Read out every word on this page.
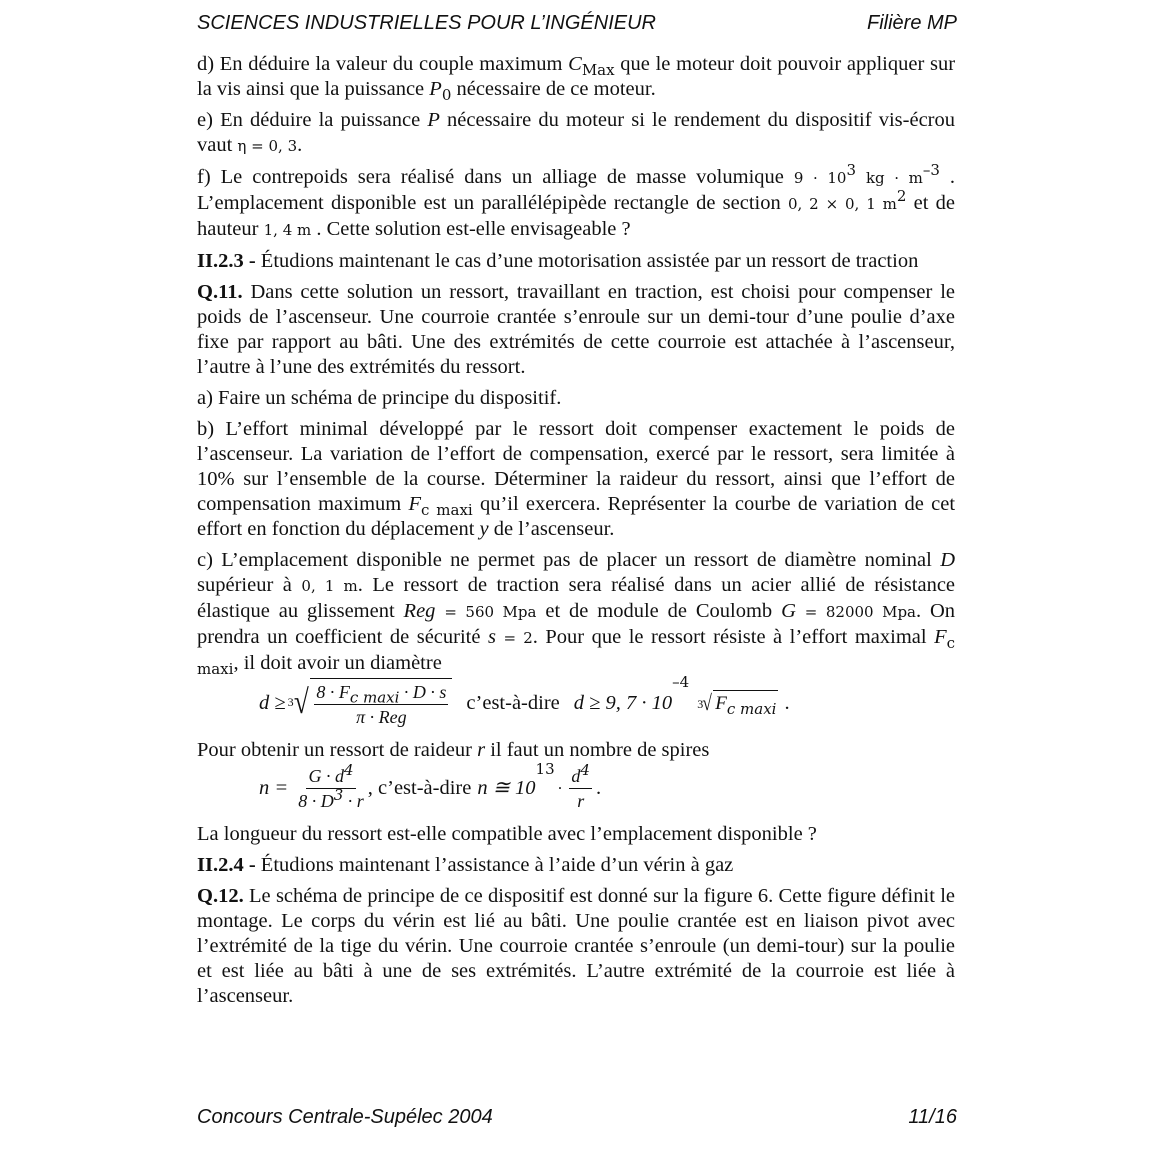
SCIENCES INDUSTRIELLES POUR L’INGÉNIEUR	Filière MP

d) En déduire la valeur du couple maximum $C_{Max}$ que le moteur doit pouvoir appliquer sur la vis ainsi que la puissance $P_0$ nécessaire de ce moteur.

e) En déduire la puissance P nécessaire du moteur si le rendement du dispositif vis-écrou vaut η = 0, 3.

f) Le contrepoids sera réalisé dans un alliage de masse volumique $9 \cdot 10^3$ kg · $m^{-3}$ . L’emplacement disponible est un parallélépipède rectangle de section 0, 2 × 0, 1 $m^2$ et de hauteur 1, 4 m . Cette solution est-elle envisageable ?

II.2.3 - Étudions maintenant le cas d’une motorisation assistée par un ressort de traction

Q.11. Dans cette solution un ressort, travaillant en traction, est choisi pour compenser le poids de l’ascenseur. Une courroie crantée s’enroule sur un demi-tour d’une poulie d’axe fixe par rapport au bâti. Une des extrémités de cette courroie est attachée à l’ascenseur, l’autre à l’une des extrémités du ressort.

a) Faire un schéma de principe du dispositif.

b) L’effort minimal développé par le ressort doit compenser exactement le poids de l’ascenseur. La variation de l’effort de compensation, exercé par le ressort, sera limitée à 10% sur l’ensemble de la course. Déterminer la raideur du ressort, ainsi que l’effort de compensation maximum $F_{c maxi}$ qu’il exercera. Représenter la courbe de variation de cet effort en fonction du déplacement y de l’ascenseur.

c) L’emplacement disponible ne permet pas de placer un ressort de diamètre nominal D supérieur à 0, 1 m. Le ressort de traction sera réalisé dans un acier allié de résistance élastique au glissement Reg = 560 Mpa et de module de Coulomb G = 82000 Mpa. On prendra un coefficient de sécurité s = 2. Pour que le ressort résiste à l’effort maximal $F_{c maxi}$, il doit avoir un diamètre

d ≥ 3 √ $\frac{8 \cdot F_{c maxi} \cdot D \cdot s}{\text{π · Reg}}$ c’est-à-dire d ≥ 9, 7 · 10
–4
3 √ $F_{c maxi}$ .

Pour obtenir un ressort de raideur r il faut un nombre de spires

$n = \frac{G \cdot d^4}{8 \cdot D^3 \cdot r}$ , c’est-à-dire n ≅ 10
13
· $\frac{d^4}{r}$ .

La longueur du ressort est-elle compatible avec l’emplacement disponible ?

II.2.4 - Étudions maintenant l’assistance à l’aide d’un vérin à gaz

Q.12. Le schéma de principe de ce dispositif est donné sur la figure 6. Cette figure définit le montage. Le corps du vérin est lié au bâti. Une poulie crantée est en liaison pivot avec l’extrémité de la tige du vérin. Une courroie crantée s’enroule (un demi-tour) sur la poulie et est liée au bâti à une de ses extrémités. L’autre extrémité de la courroie est liée à l’ascenseur.

Concours Centrale-Supélec 2004	11/16
